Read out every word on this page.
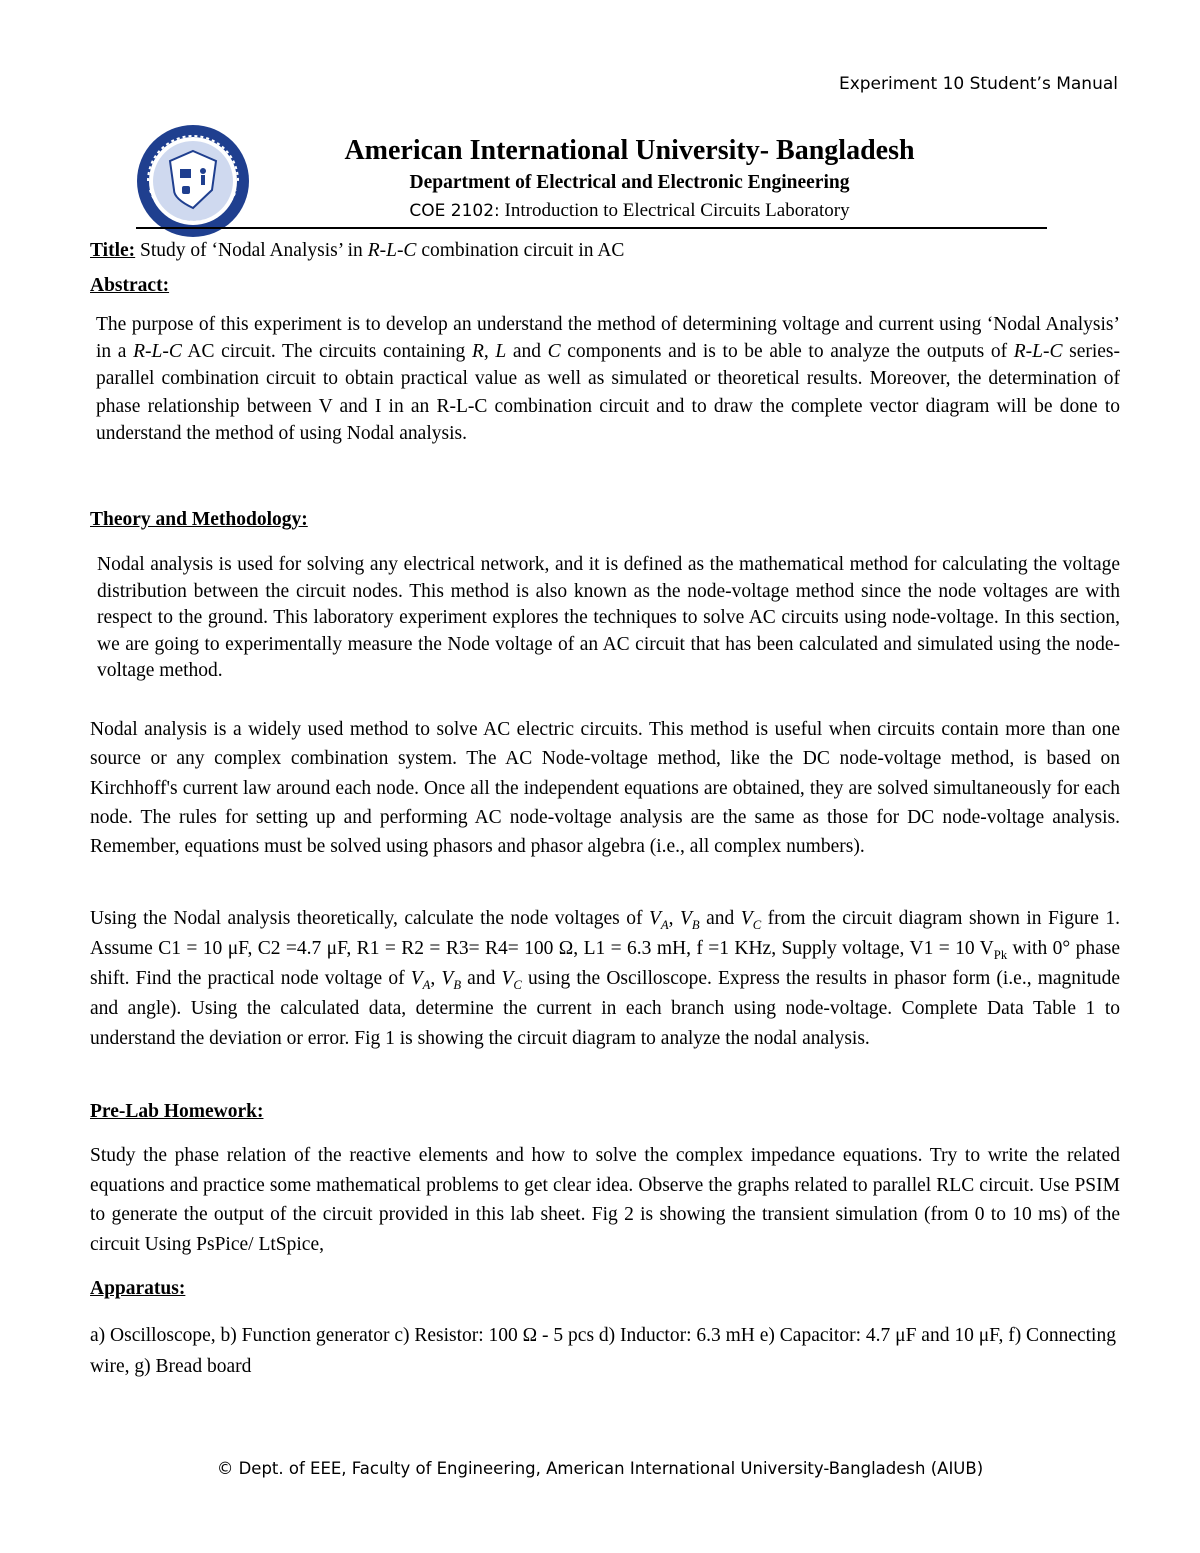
Experiment 10 Student’s Manual
American International University- Bangladesh
Department of Electrical and Electronic Engineering
COE 2102: Introduction to Electrical Circuits Laboratory
Title: Study of ‘Nodal Analysis’ in R-L-C combination circuit in AC
Abstract:

The purpose of this experiment is to develop an understand the method of determining voltage and current using ‘Nodal Analysis’ in a R-L-C AC circuit. The circuits containing R, L and C components and is to be able to analyze the outputs of R-L-C series-parallel combination circuit to obtain practical value as well as simulated or theoretical results. Moreover, the determination of phase relationship between V and I in an R-L-C combination circuit and to draw the complete vector diagram will be done to understand the method of using Nodal analysis.

Theory and Methodology:

Nodal analysis is used for solving any electrical network, and it is defined as the mathematical method for calculating the voltage distribution between the circuit nodes. This method is also known as the node-voltage method since the node voltages are with respect to the ground. This laboratory experiment explores the techniques to solve AC circuits using node-voltage. In this section, we are going to experimentally measure the Node voltage of an AC circuit that has been calculated and simulated using the node-voltage method.

Nodal analysis is a widely used method to solve AC electric circuits. This method is useful when circuits contain more than one source or any complex combination system. The AC Node-voltage method, like the DC node-voltage method, is based on Kirchhoff's current law around each node. Once all the independent equations are obtained, they are solved simultaneously for each node. The rules for setting up and performing AC node-voltage analysis are the same as those for DC node-voltage analysis. Remember, equations must be solved using phasors and phasor algebra (i.e., all complex numbers).

Using the Nodal analysis theoretically, calculate the node voltages of $V_A$, $V_B$ and $V_C$ from the circuit diagram shown in Figure 1. Assume C1 = 10 μF, C2 =4.7 μF, R1 = R2 = R3= R4= 100 Ω, L1 = 6.3 mH, f =1 KHz, Supply voltage, V1 = 10 $V_{Pk}$ with 0° phase shift. Find the practical node voltage of $V_A$, $V_B$ and $V_C$ using the Oscilloscope. Express the results in phasor form (i.e., magnitude and angle). Using the calculated data, determine the current in each branch using node-voltage. Complete Data Table 1 to understand the deviation or error. Fig 1 is showing the circuit diagram to analyze the nodal analysis.

Pre-Lab Homework:

Study the phase relation of the reactive elements and how to solve the complex impedance equations. Try to write the related equations and practice some mathematical problems to get clear idea. Observe the graphs related to parallel RLC circuit. Use PSIM to generate the output of the circuit provided in this lab sheet. Fig 2 is showing the transient simulation (from 0 to 10 ms) of the circuit Using PsPice/ LtSpice,

Apparatus:

a) Oscilloscope, b) Function generator c) Resistor: 100 Ω - 5 pcs d) Inductor: 6.3 mH e) Capacitor: 4.7 μF and 10 μF, f) Connecting wire, g) Bread board

© Dept. of EEE, Faculty of Engineering, American International University-Bangladesh (AIUB)
